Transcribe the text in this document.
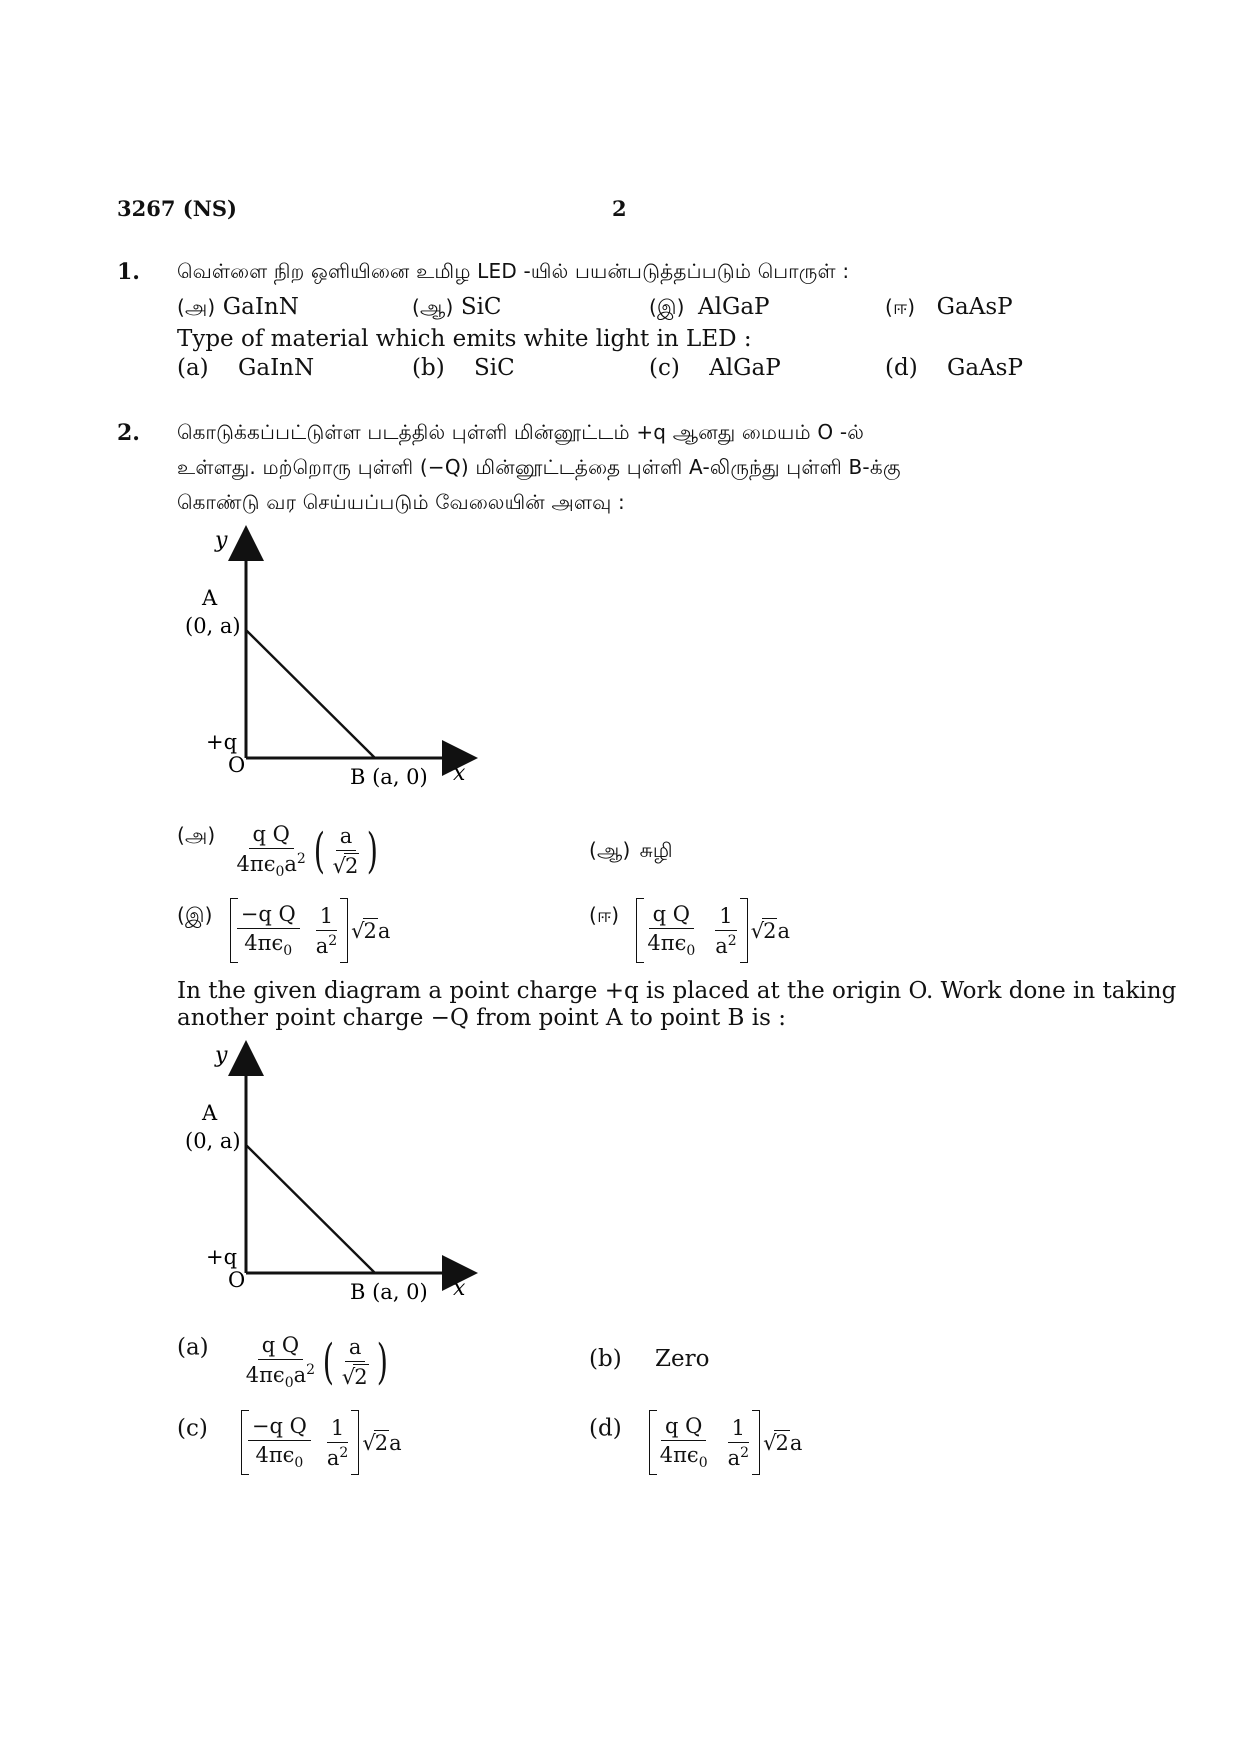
3267 (NS)	2
1. வெள்ளை நிற ஒளியினை உமிழ LED -யில் பயன்படுத்தப்படும் பொருள் :
(அ) GaInN	(ஆ) SiC	(இ) AlGaP	(ஈ) GaAsP
Type of material which emits white light in LED :
(a) GaInN	(b) SiC	(c) AlGaP	(d) GaAsP
2. கொடுக்கப்பட்டுள்ள படத்தில் புள்ளி மின்னூட்டம் +q ஆனது மையம் O -ல்
உள்ளது. மற்றொரு புள்ளி (−Q) மின்னூட்டத்தை புள்ளி A-லிருந்து புள்ளி B-க்கு
கொண்டு வர செய்யப்படும் வேலையின் அளவு :
y
x
A
(0, a)
+q
O	B (a, 0)
(அ) $\frac{\text{q Q}}{4\pi\epsilon_0a^2}$ ( $\frac{a}{√2}$ )	(ஆ) சுழி
(இ) $\frac{\text{−q Q}}{4\pi\epsilon_0} \frac{1}{a^2}$ √ 2 a
(ஈ) $\frac{\text{q Q}}{4\pi\epsilon_0} \frac{1}{a^2}$ √ 2 a
In the given diagram a point charge +q is placed at the origin O. Work done in taking
another point charge −Q from point A to point B is :
y
x
A
(0, a)
+q
O	B (a, 0)
$(a) \frac{\text{q Q}}{4\pi\epsilon_0a^2}$ ( $\frac{a}{√2}$ )	(b) Zero
$(c) \frac{\text{−q Q}}{4\pi\epsilon_0} \frac{1}{a^2}$ √ 2 a
$(d) \frac{\text{q Q}}{4\pi\epsilon_0} \frac{1}{a^2}$ √ 2 a
